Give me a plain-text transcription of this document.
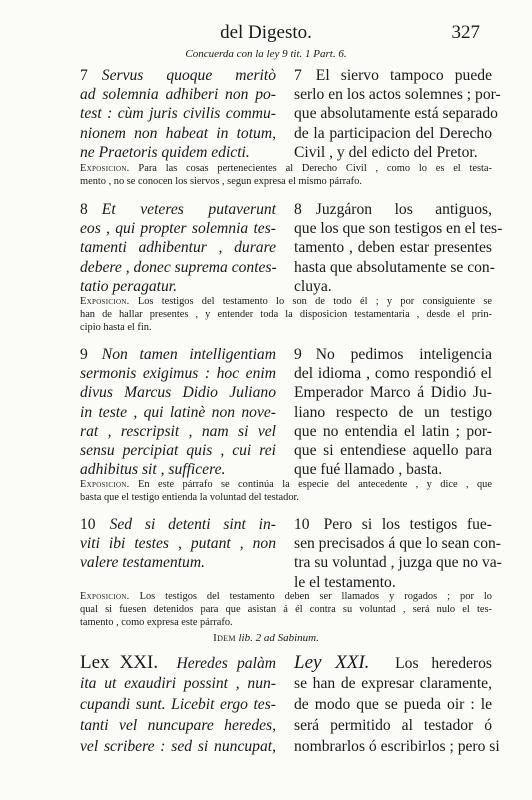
del Digesto.	327
Concuerda con la ley 9 tit. 1 Part. 6.
7 Servus quoque meritò
ad solemnia adhiberi non po-
test : cùm juris civilis commu-
nionem non habeat in totum,
ne Praetoris quidem edicti.
7 El siervo tampoco puede
serlo en los actos solemnes ; por-
que absolutamente está separado
de la participacion del Derecho
Civil , y del edicto del Pretor.
Exposicion. Para las cosas pertenecientes al Derecho Civil , como lo es el testa-
mento , no se conocen los siervos , segun expresa el mismo párrafo.
8 Et veteres putaverunt
eos , qui propter solemnia tes-
tamenti adhibentur , durare
debere , donec suprema contes-
tatio peragatur.
8 Juzgáron los antiguos,
que los que son testigos en el tes-
tamento , deben estar presentes
hasta que absolutamente se con-
cluya.
Exposicion. Los testigos del testamento lo son de todo él ; y por consiguiente se
han de hallar presentes , y entender toda la disposicion testamentaria , desde el prin-
cipio hasta el fin.
9 Non tamen intelligentiam
sermonis exigimus : hoc enim
divus Marcus Didio Juliano
in teste , qui latinè non nove-
rat , rescripsit , nam si vel
sensu percipiat quis , cui rei
adhibitus sit , sufficere.
9 No pedimos inteligencia
del idioma , como respondió el
Emperador Marco á Didio Ju-
liano respecto de un testigo
que no entendia el latin ; por-
que si entendiese aquello para
que fué llamado , basta.
Exposicion. En este párrafo se continúa la especie del antecedente , y dice , que
basta que el testigo entienda la voluntad del testador.
10 Sed si detenti sint in-
viti ibi testes , putant , non
valere testamentum.
10 Pero si los testigos fue-
sen precisados á que lo sean con-
tra su voluntad , juzga que no va-
le el testamento.
Exposicion. Los testigos del testamento deben ser llamados y rogados ; por lo
qual si fuesen detenidos para que asistan á él contra su voluntad , será nulo el tes-
tamento , como expresa este párrafo.
Idem lib. 2 ad Sabinum.
Lex XXI. Heredes palàm
ita ut exaudiri possint , nun-
cupandi sunt. Licebit ergo tes-
tanti vel nuncupare heredes,
vel scribere : sed si nuncupat,
Ley XXI. Los herederos
se han de expresar claramente,
de modo que se pueda oir : le
será permitido al testador ó
nombrarlos ó escribirlos ; pero si
